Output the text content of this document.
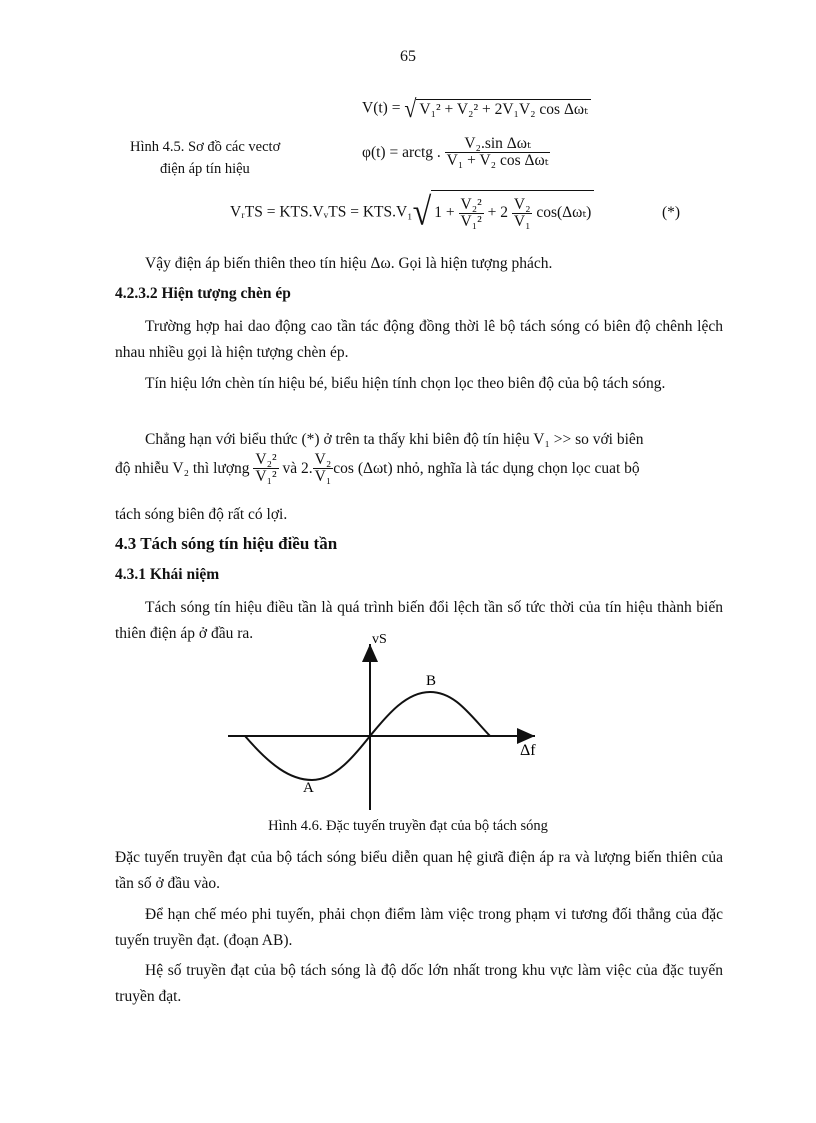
65
V(t) = √ V₁² + V₂² + 2V₁V₂ cos Δωₜ
Hình 4.5. Sơ đồ các vectơ
điện áp tín hiệu
φ(t) = arctg . $\frac{\text{V₂.sin Δωₜ}}{\text{V₁ + V₂ cos Δωₜ}}$
VᵣTS = KTS.VᵥTS = KTS.V₁√ $1 + \frac{\text{V₂²}}{\text{V₁²}} + 2 \frac{\text{V₂}}{\text{V₁}} \cos(\Delta\omega_t)$	(*)

Vậy điện áp biến thiên theo tín hiệu Δω. Gọi là hiện tượng phách.

4.2.3.2 Hiện tượng chèn ép

Trường hợp hai dao động cao tần tác động đồng thời lê bộ tách sóng có biên độ chênh lệch nhau nhiều gọi là hiện tượng chèn ép.

Tín hiệu lớn chèn tín hiệu bé, biểu hiện tính chọn lọc theo biên độ của bộ tách sóng.

Chẳng hạn với biểu thức (*) ở trên ta thấy khi biên độ tín hiệu V₁ >> so với biên

độ nhiễu V₂ thì lượng
$\frac{\text{V₂²}}{\text{V₁²}}$
và 2. $\frac{\text{V₂}}{\text{V₁}}$ cos (Δωt) nhỏ, nghĩa là tác dụng chọn lọc cuat bộ

tách sóng biên độ rất có lợi.

4.3 Tách sóng tín hiệu điều tần
4.3.1 Khái niệm

Tách sóng tín hiệu điều tần là quá trình biến đổi lệch tần số tức thời của tín hiệu thành biến thiên điện áp ở đầu ra.	vS
Δf
A
B
Hình 4.6. Đặc tuyến truyền đạt của bộ tách sóng

Đặc tuyến truyền đạt của bộ tách sóng biểu diễn quan hệ giưã điện áp ra và lượng biến thiên của tần số ở đầu vào.

Để hạn chế méo phi tuyến, phải chọn điểm làm việc trong phạm vi tương đối thẳng của đặc tuyến truyền đạt. (đoạn AB).

Hệ số truyền đạt của bộ tách sóng là độ dốc lớn nhất trong khu vực làm việc của đặc tuyến truyền đạt.
